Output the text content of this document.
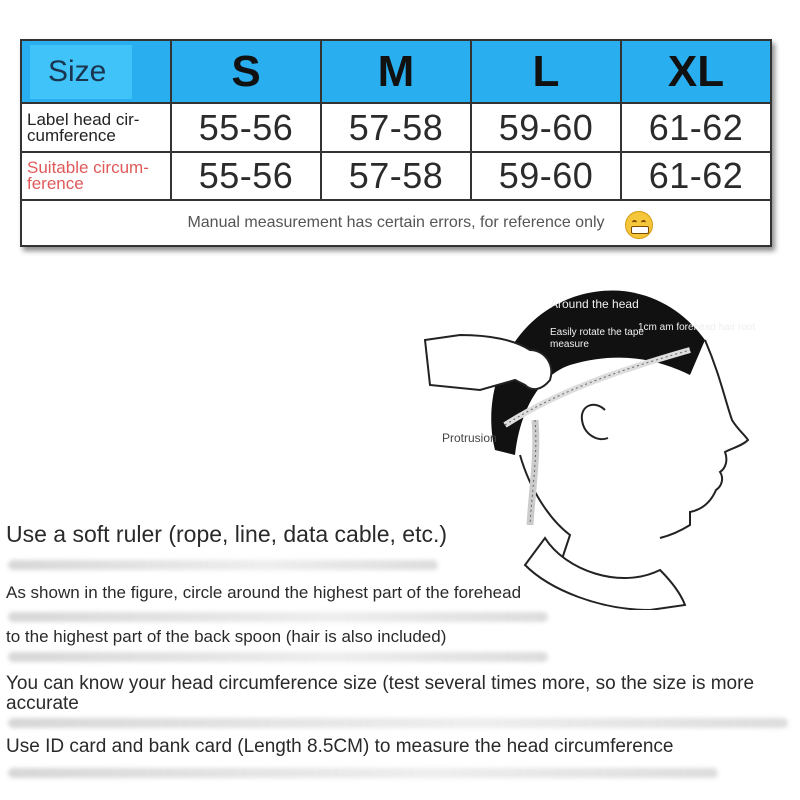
Size	S	M	L XL
Label head cir-cumference	55-56 57-58 59-60 61-62
Suitable circum-ference	55-56 57-58 59-60 61-62
Manual measurement has certain errors, for reference only
Around the head
Easily rotate the tape measure
1cm am forehead hair root
Protrusion
Use a soft ruler (rope, line, data cable, etc.)
As shown in the figure, circle around the highest part of the forehead
to the highest part of the back spoon (hair is also included)
You can know your head circumference size (test several times more, so the size is more accurate
Use ID card and bank card (Length 8.5CM) to measure the head circumference
